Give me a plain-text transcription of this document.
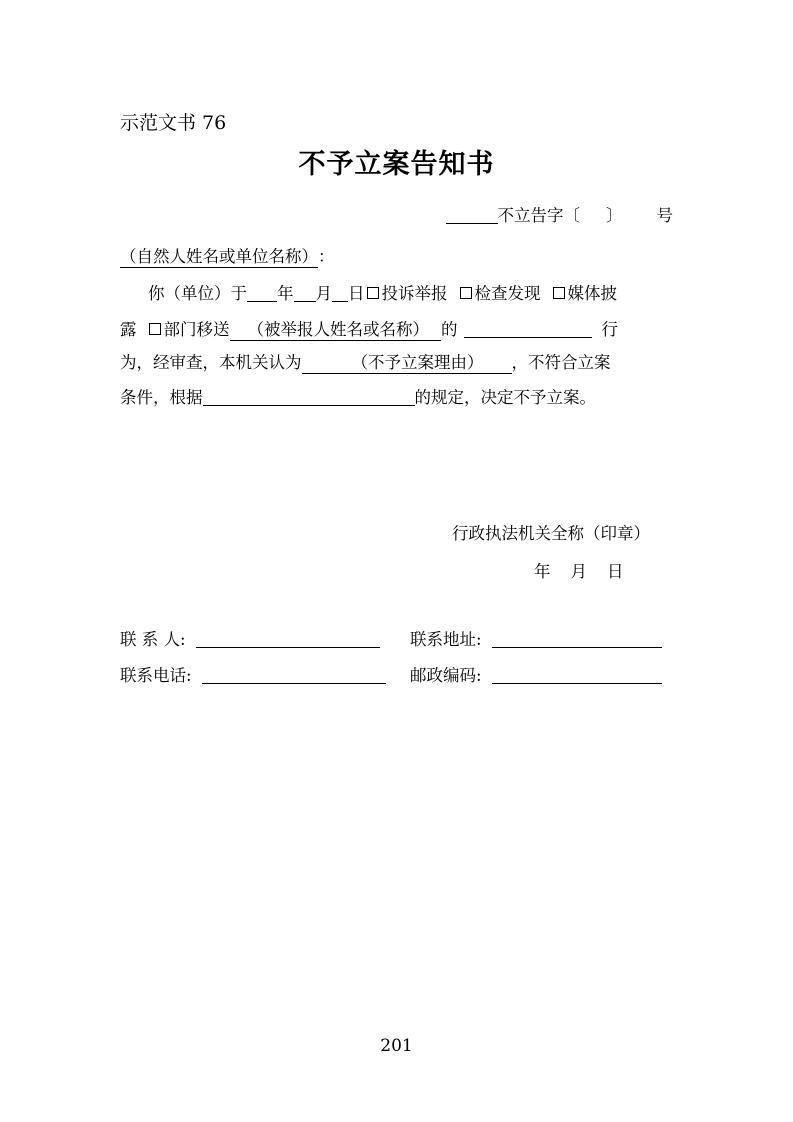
示范文书 76
不予立案告知书
不立告字〔 〕 号
（自然人姓名或单位名称）：
你（单位）于 年 月 日 投诉举报 检查发现 媒体披
露 部门移送 （被举报人姓名或名称） 的	行
为，经审查，本机关认为	（不予立案理由） ，不符合立案
条件，根据	的规定，决定不予立案。
行政执法机关全称（印章）
年 月 日
联 系 人:	联系地址:
联系电话:	邮政编码:
201
